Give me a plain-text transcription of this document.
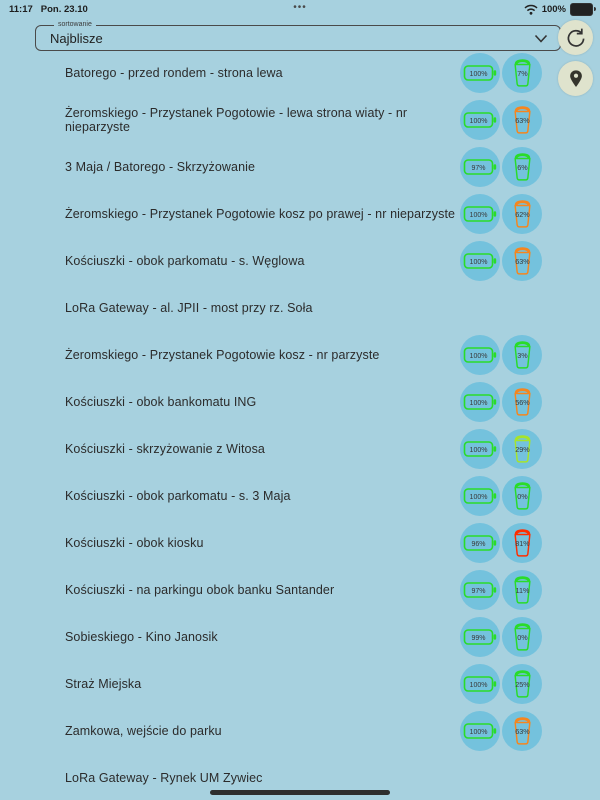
11:17 Pon. 23.10	•••	100%
sortowanie
Najblisze
Batorego - przed rondem - strona lewa	100%	7%
Żeromskiego - Przystanek Pogotowie - lewa strona wiaty - nr nieparzyste	100%	63%
3 Maja / Batorego - Skrzyżowanie	97%	6%
Żeromskiego - Przystanek Pogotowie kosz po prawej - nr nieparzyste	100%	62%
Kościuszki - obok parkomatu - s. Węglowa	100%	63%
LoRa Gateway - al. JPII - most przy rz. Soła
Żeromskiego - Przystanek Pogotowie kosz - nr parzyste	100%	3%
Kościuszki - obok bankomatu ING	100%	56%
Kościuszki - skrzyżowanie z Witosa	100%	29%
Kościuszki - obok parkomatu - s. 3 Maja	100%	0%
Kościuszki - obok kiosku	96%	81%
Kościuszki - na parkingu obok banku Santander	97%	11%
Sobieskiego - Kino Janosik	99%	0%
Straż Miejska	100%	25%
Zamkowa, wejście do parku	100%	63%
LoRa Gateway - Rynek UM Zywiec
